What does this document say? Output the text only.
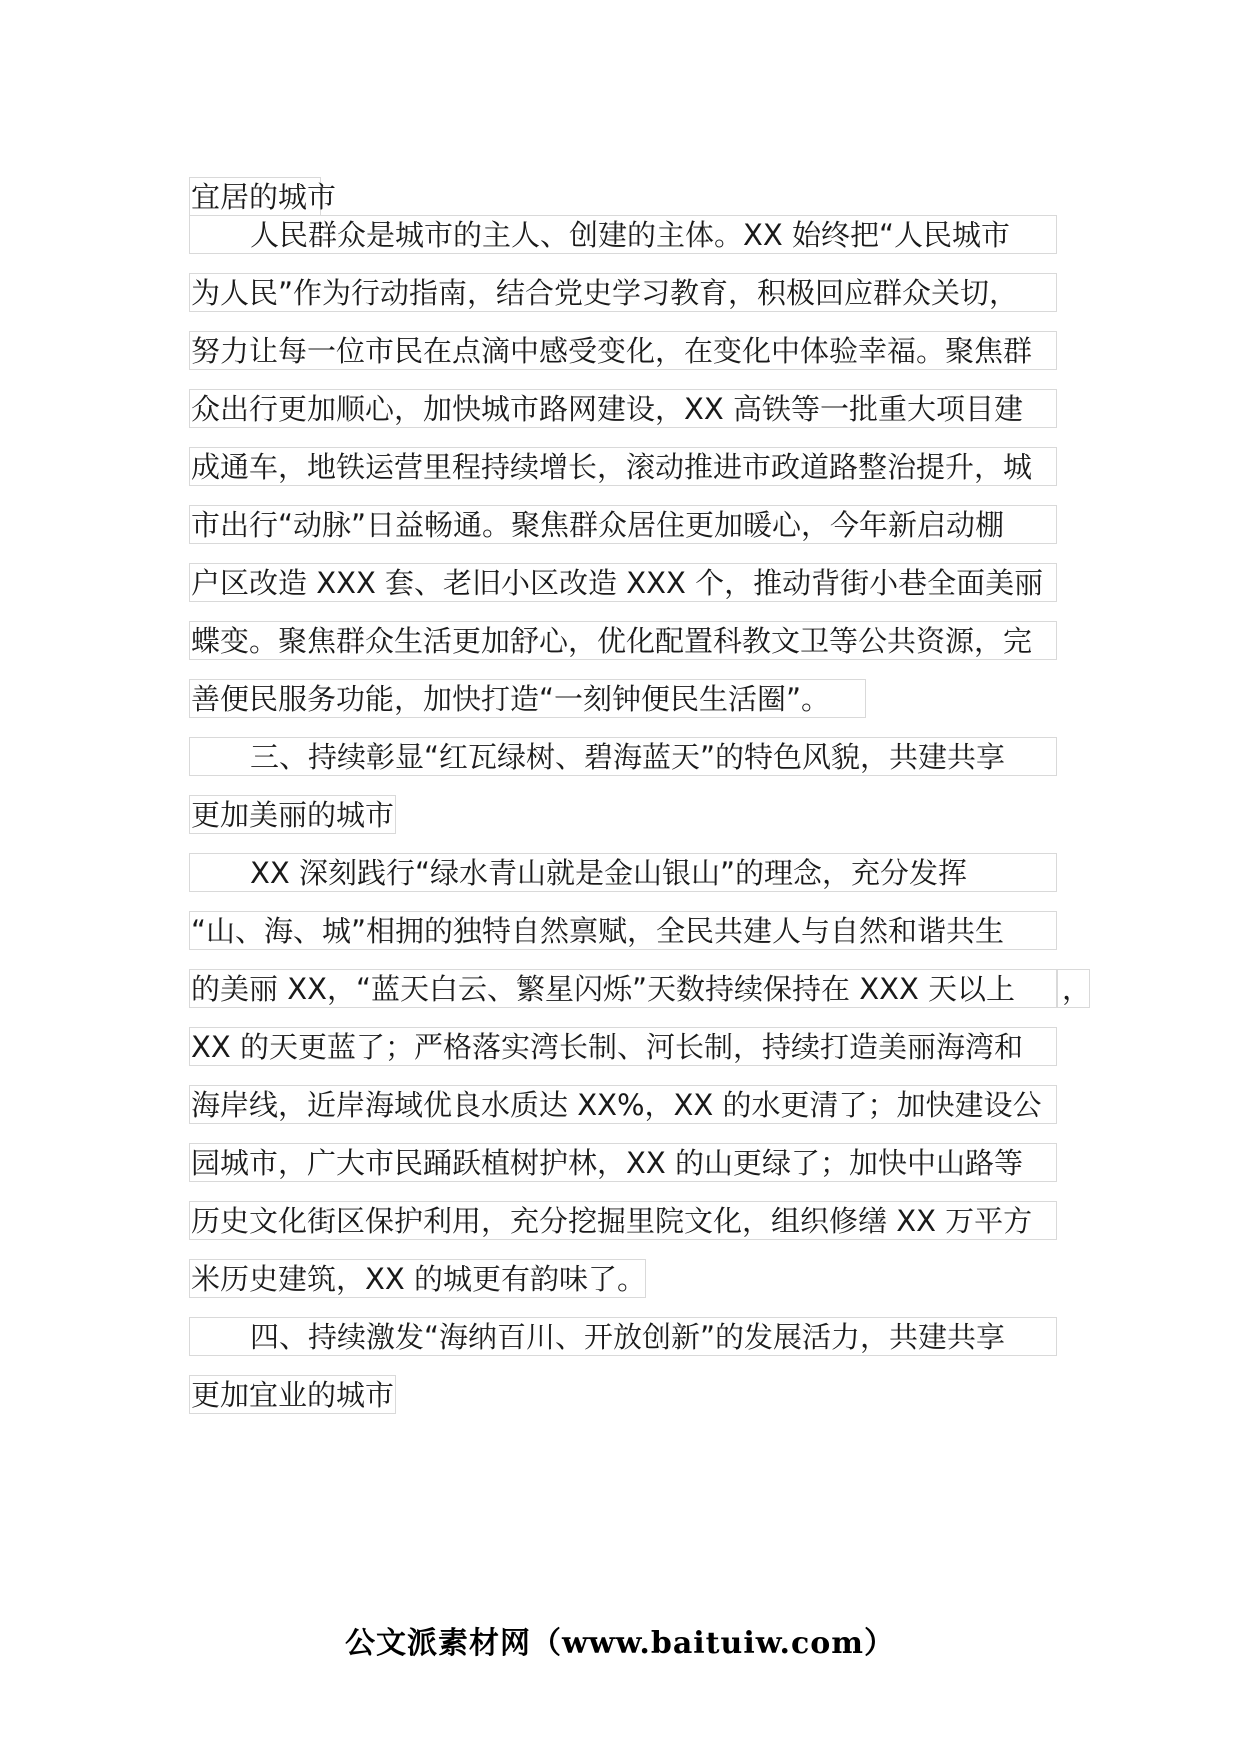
宜居的城市
人民群众是城市的主人、创建的主体。XX 始终把“人民城市
为人民”作为行动指南，结合党史学习教育，积极回应群众关切，
努力让每一位市民在点滴中感受变化，在变化中体验幸福。聚焦群
众出行更加顺心，加快城市路网建设，XX 高铁等一批重大项目建
成通车，地铁运营里程持续增长，滚动推进市政道路整治提升，城
市出行“动脉”日益畅通。聚焦群众居住更加暖心，今年新启动棚
户区改造 XXX 套、老旧小区改造 XXX 个，推动背街小巷全面美丽
蝶变。聚焦群众生活更加舒心，优化配置科教文卫等公共资源，完
善便民服务功能，加快打造“一刻钟便民生活圈”。
三、持续彰显“红瓦绿树、碧海蓝天”的特色风貌，共建共享
更加美丽的城市
XX 深刻践行“绿水青山就是金山银山”的理念，充分发挥
“山、海、城”相拥的独特自然禀赋，全民共建人与自然和谐共生
的美丽 XX，“蓝天白云、繁星闪烁”天数持续保持在 XXX 天以上	，
XX 的天更蓝了；严格落实湾长制、河长制，持续打造美丽海湾和
海岸线，近岸海域优良水质达 XX%，XX 的水更清了；加快建设公
园城市，广大市民踊跃植树护林，XX 的山更绿了；加快中山路等
历史文化街区保护利用，充分挖掘里院文化，组织修缮 XX 万平方
米历史建筑，XX 的城更有韵味了。
四、持续激发“海纳百川、开放创新”的发展活力，共建共享
更加宜业的城市
公文派素材网（www.baituiw.com）
